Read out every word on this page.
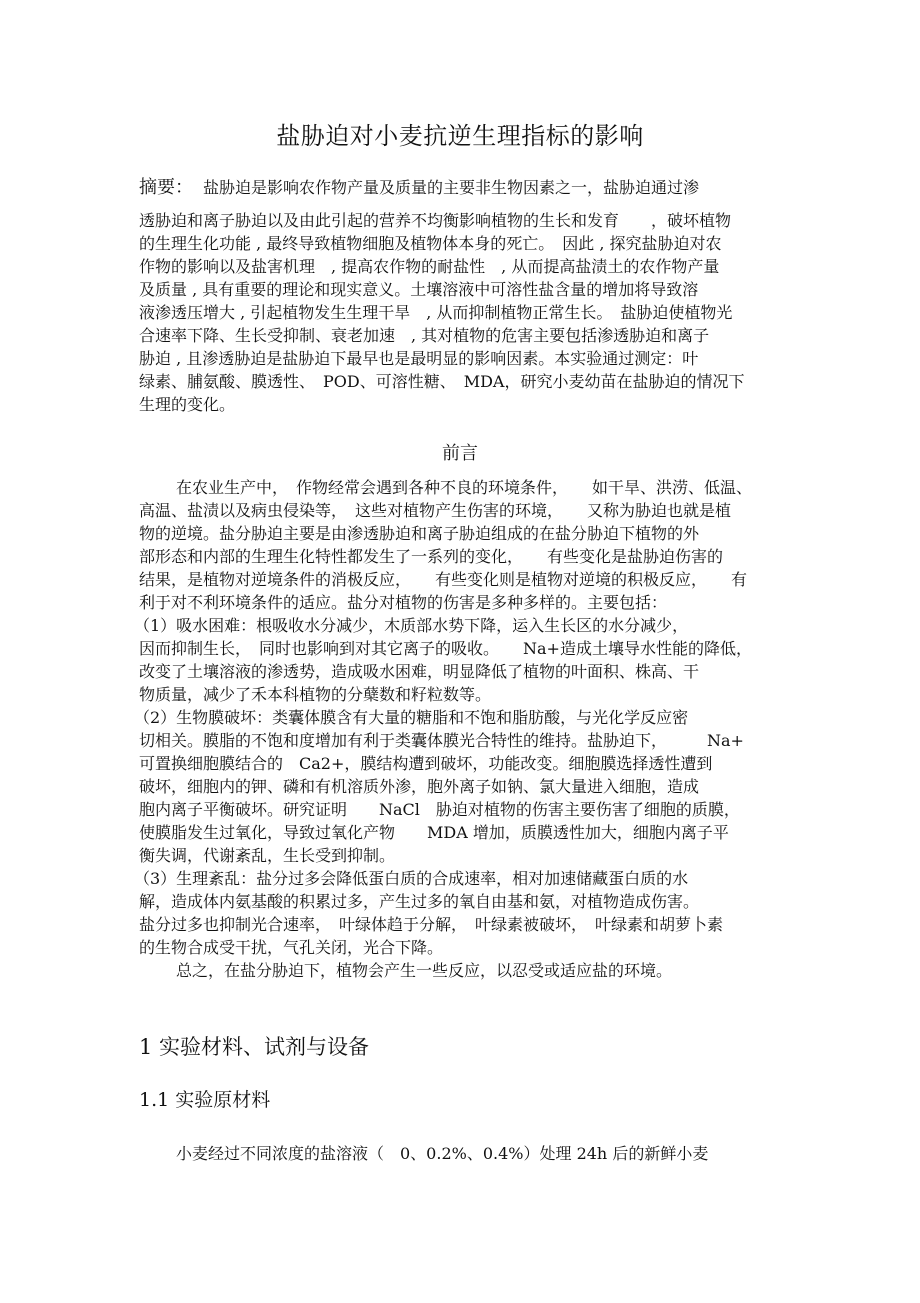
盐胁迫对小麦抗逆生理指标的影响
摘要： 盐胁迫是影响农作物产量及质量的主要非生物因素之一，盐胁迫通过渗
透胁迫和离子胁迫以及由此引起的营养不均衡影响植物的生长和发育　　，破坏植物
的生理生化功能 , 最终导致植物细胞及植物体本身的死亡。　因此 , 探究盐胁迫对农
作物的影响以及盐害机理　, 提高农作物的耐盐性　, 从而提高盐渍土的农作物产量
及质量 , 具有重要的理论和现实意义。土壤溶液中可溶性盐含量的增加将导致溶
液渗透压增大 , 引起植物发生生理干旱　, 从而抑制植物正常生长。　盐胁迫使植物光
合速率下降、生长受抑制、衰老加速　, 其对植物的危害主要包括渗透胁迫和离子
胁迫 , 且渗透胁迫是盐胁迫下最早也是最明显的影响因素。本实验通过测定：叶
绿素、脯氨酸、膜透性、　POD、可溶性糖、　MDA，研究小麦幼苗在盐胁迫的情况下
生理的变化。
前言
在农业生产中，　作物经常会遇到各种不良的环境条件，　　如干旱、洪涝、低温、
高温、盐渍以及病虫侵染等，　这些对植物产生伤害的环境，　　又称为胁迫也就是植
物的逆境。盐分胁迫主要是由渗透胁迫和离子胁迫组成的在盐分胁迫下植物的外
部形态和内部的生理生化特性都发生了一系列的变化，　　有些变化是盐胁迫伤害的
结果，是植物对逆境条件的消极反应，　　有些变化则是植物对逆境的积极反应，　　有
利于对不利环境条件的适应。盐分对植物的伤害是多种多样的。主要包括：
（1）吸水困难：根吸收水分减少，木质部水势下降，运入生长区的水分减少，
因而抑制生长，　同时也影响到对其它离子的吸收。　　Na+造成土壤导水性能的降低，
改变了土壤溶液的渗透势，造成吸水困难，明显降低了植物的叶面积、株高、干
物质量，减少了禾本科植物的分蘖数和籽粒数等。
（2）生物膜破坏：类囊体膜含有大量的糖脂和不饱和脂肪酸，与光化学反应密
切相关。膜脂的不饱和度增加有利于类囊体膜光合特性的维持。盐胁迫下，　　　Na+
可置换细胞膜结合的　Ca2+，膜结构遭到破坏，功能改变。细胞膜选择透性遭到
破坏，细胞内的钾、磷和有机溶质外渗，胞外离子如钠、氯大量进入细胞，造成
胞内离子平衡破坏。研究证明　　NaCl　胁迫对植物的伤害主要伤害了细胞的质膜，
使膜脂发生过氧化，导致过氧化产物　　MDA 增加，质膜透性加大，细胞内离子平
衡失调，代谢紊乱，生长受到抑制。
（3）生理紊乱：盐分过多会降低蛋白质的合成速率，相对加速储藏蛋白质的水
解，造成体内氨基酸的积累过多，产生过多的氧自由基和氨，对植物造成伤害。
盐分过多也抑制光合速率，　叶绿体趋于分解，　叶绿素被破坏，　叶绿素和胡萝卜素
的生物合成受干扰，气孔关闭，光合下降。
总之，在盐分胁迫下，植物会产生一些反应，以忍受或适应盐的环境。
1 实验材料、试剂与设备
1.1 实验原材料
小麦经过不同浓度的盐溶液（　0、0.2%、0.4%）处理 24h 后的新鲜小麦
